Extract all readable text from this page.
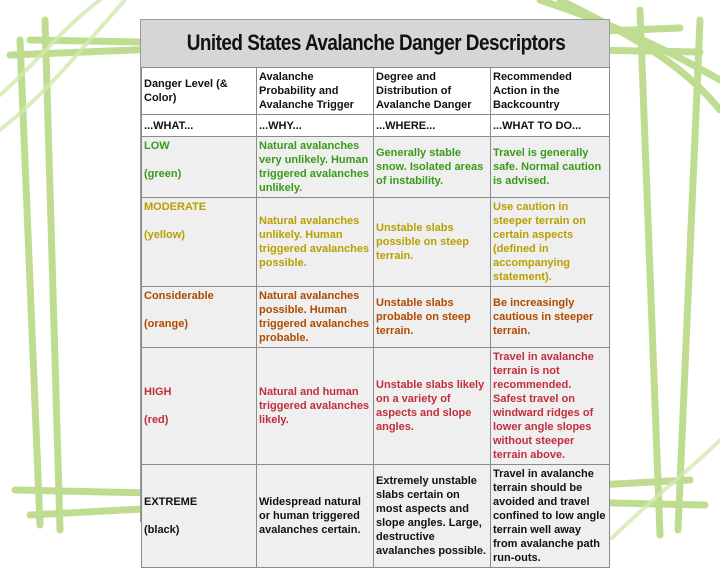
United States Avalanche Danger Descriptors
Danger Level (& Color)	Avalanche Probability and Avalanche Trigger	Degree and Distribution of Avalanche Danger	Recommended Action in the Backcountry
...WHAT...	...WHY...	...WHERE...	...WHAT TO DO...

LOW
(green)	Natural avalanches very unlikely. Human triggered avalanches unlikely.	Generally stable snow. Isolated areas of instability.	Travel is generally safe. Normal caution is advised.

MODERATE
(yellow)	Natural avalanches unlikely. Human triggered avalanches possible.	Unstable slabs possible on steep terrain.	Use caution in steeper terrain on certain aspects (defined in accompanying statement).

Considerable
(orange)	Natural avalanches possible. Human triggered avalanches probable.	Unstable slabs probable on steep terrain.	Be increasingly cautious in steeper terrain.

HIGH
(red)	Natural and human triggered avalanches likely.	Unstable slabs likely on a variety of aspects and slope angles.	Travel in avalanche terrain is not recommended. Safest travel on windward ridges of lower angle slopes without steeper terrain above.

EXTREME
(black)	Widespread natural or human triggered avalanches certain.	Extremely unstable slabs certain on most aspects and slope angles. Large, destructive avalanches possible.	Travel in avalanche terrain should be avoided and travel confined to low angle terrain well away from avalanche path run-outs.
